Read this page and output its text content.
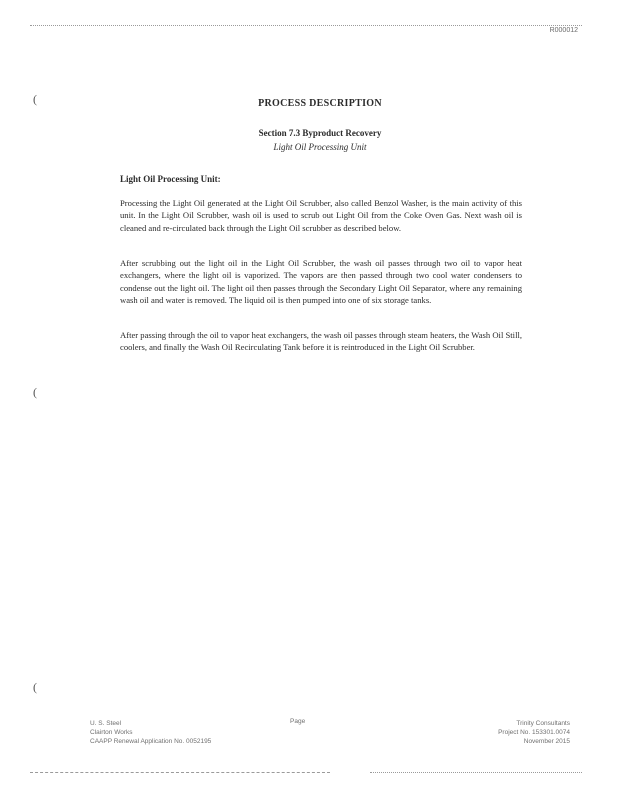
R000012
(
(
(
PROCESS DESCRIPTION
Section 7.3 Byproduct Recovery
Light Oil Processing Unit
Light Oil Processing Unit:

Processing the Light Oil generated at the Light Oil Scrubber, also called Benzol Washer, is the main activity of this unit. In the Light Oil Scrubber, wash oil is used to scrub out Light Oil from the Coke Oven Gas. Next wash oil is cleaned and re-circulated back through the Light Oil scrubber as described below.

After scrubbing out the light oil in the Light Oil Scrubber, the wash oil passes through two oil to vapor heat exchangers, where the light oil is vaporized. The vapors are then passed through two cool water condensers to condense out the light oil. The light oil then passes through the Secondary Light Oil Separator, where any remaining wash oil and water is removed. The liquid oil is then pumped into one of six storage tanks.

After passing through the oil to vapor heat exchangers, the wash oil passes through steam heaters, the Wash Oil Still, coolers, and finally the Wash Oil Recirculating Tank before it is reintroduced in the Light Oil Scrubber.

U. S. Steel
Clairton Works
CAAPP Renewal Application No. 0052195
Page	Trinity Consultants
Project No. 153301.0074
November 2015
